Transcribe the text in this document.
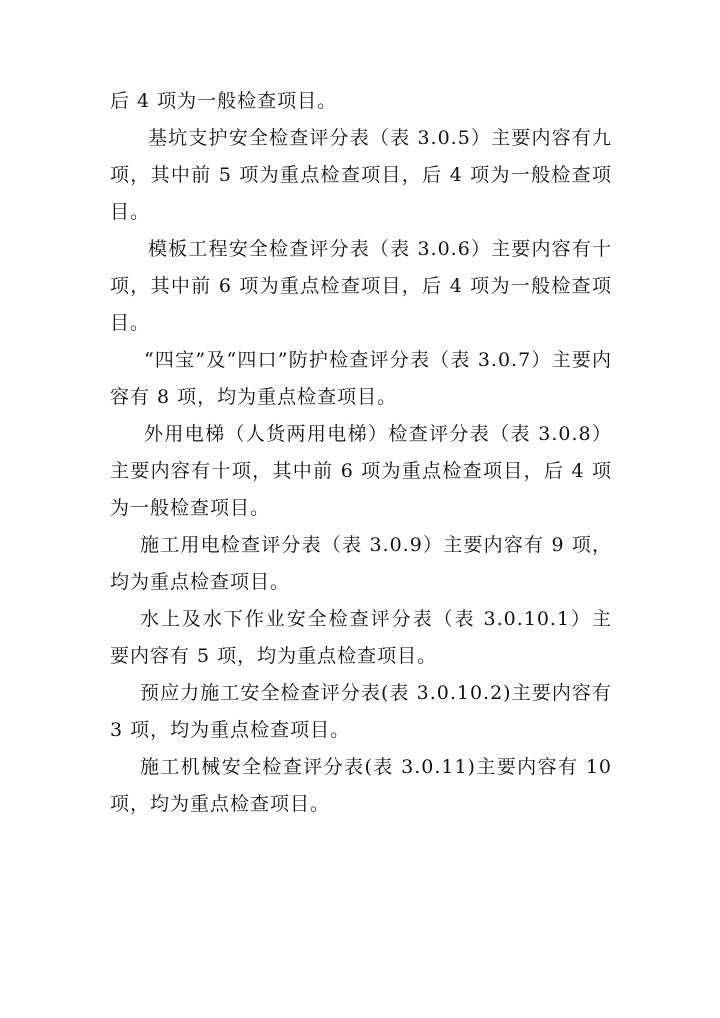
后 4 项为一般检查项目。

基坑支护安全检查评分表（表 3.0.5）主要内容有九项，其中前 5 项为重点检查项目，后 4 项为一般检查项目。

模板工程安全检查评分表（表 3.0.6）主要内容有十项，其中前 6 项为重点检查项目，后 4 项为一般检查项目。

“四宝”及“四口”防护检查评分表（表 3.0.7）主要内容有 8 项，均为重点检查项目。

外用电梯（人货两用电梯）检查评分表（表 3.0.8）主要内容有十项，其中前 6 项为重点检查项目，后 4 项为一般检查项目。

施工用电检查评分表（表 3.0.9）主要内容有 9 项，均为重点检查项目。

水上及水下作业安全检查评分表（表 3.0.10.1）主要内容有 5 项，均为重点检查项目。

预应力施工安全检查评分表(表 3.0.10.2)主要内容有 3 项，均为重点检查项目。

施工机械安全检查评分表(表 3.0.11)主要内容有 10 项，均为重点检查项目。
